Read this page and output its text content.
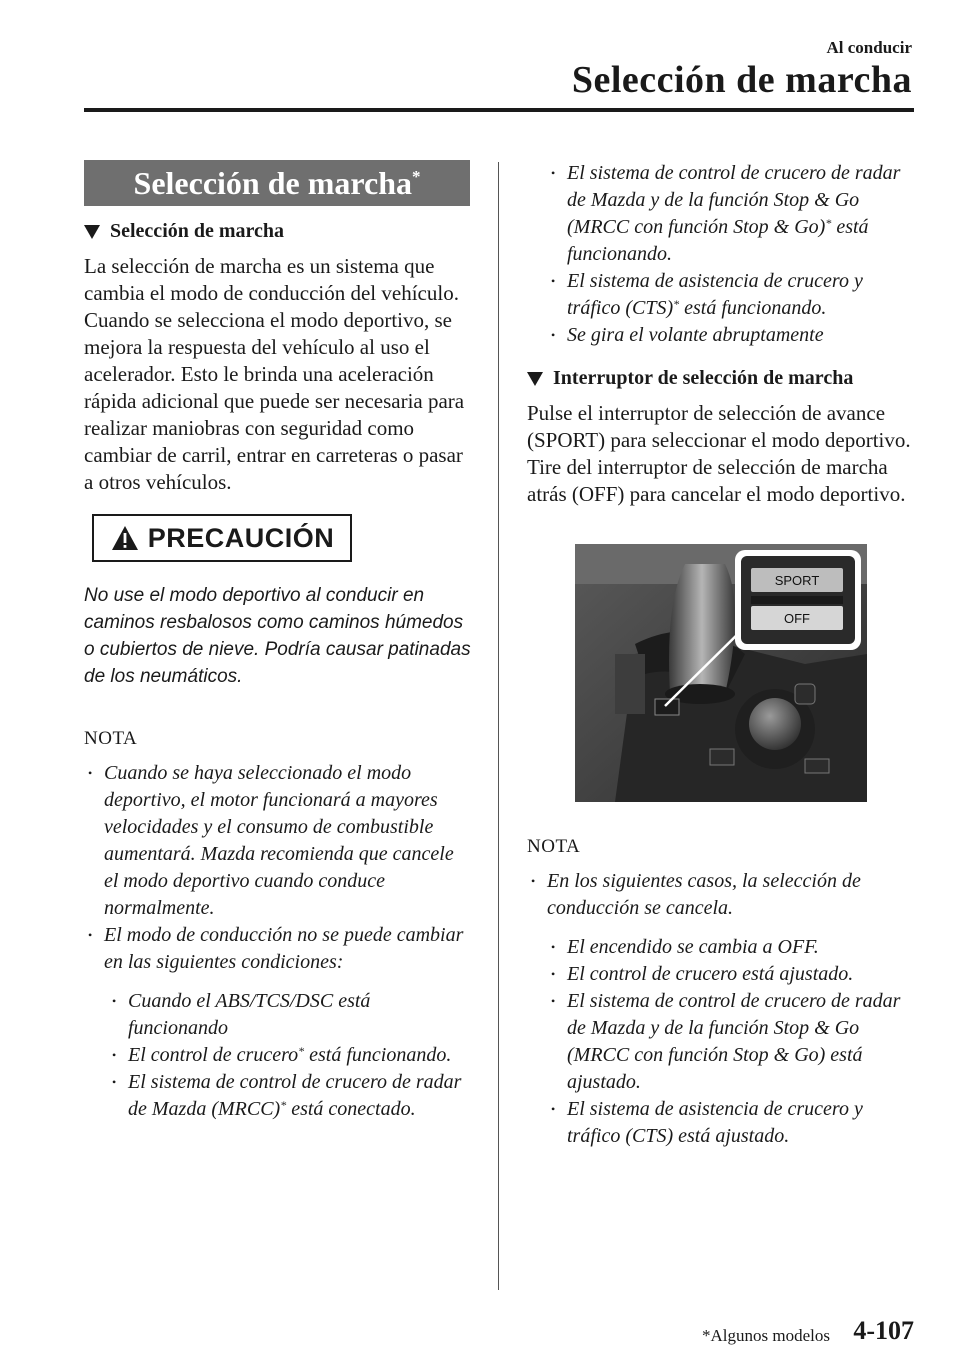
Al conducir
Selección de marcha
Selección de marcha*
Selección de marcha
La selección de marcha es un sistema que cambia el modo de conducción del vehículo. Cuando se selecciona el modo deportivo, se mejora la respuesta del vehículo al uso el acelerador. Esto le brinda una aceleración rápida adicional que puede ser necesaria para realizar maniobras con seguridad como cambiar de carril, entrar en carreteras o pasar a otros vehículos.
PRECAUCIÓN
No use el modo deportivo al conducir en caminos resbalosos como caminos húmedos o cubiertos de nieve. Podría causar patinadas de los neumáticos.
NOTA
• Cuando se haya seleccionado el modo deportivo, el motor funcionará a mayores velocidades y el consumo de combustible aumentará. Mazda recomienda que cancele el modo deportivo cuando conduce normalmente.
• El modo de conducción no se puede cambiar en las siguientes condiciones:
• Cuando el ABS/TCS/DSC está funcionando
• El control de crucero* está funcionando.
• El sistema de control de crucero de radar de Mazda (MRCC)* está conectado.
• El sistema de control de crucero de radar de Mazda y de la función Stop & Go (MRCC con función Stop & Go)* está funcionando.
• El sistema de asistencia de crucero y tráfico (CTS)* está funcionando.
• Se gira el volante abruptamente
Interruptor de selección de marcha
Pulse el interruptor de selección de avance (SPORT) para seleccionar el modo deportivo.
Tire del interruptor de selección de marcha atrás (OFF) para cancelar el modo deportivo.
SPORT
OFF
NOTA
• En los siguientes casos, la selección de conducción se cancela.
• El encendido se cambia a OFF.
• El control de crucero está ajustado.
• El sistema de control de crucero de radar de Mazda y de la función Stop & Go (MRCC con función Stop & Go) está ajustado.
• El sistema de asistencia de crucero y tráfico (CTS) está ajustado.
*Algunos modelos 4-107
